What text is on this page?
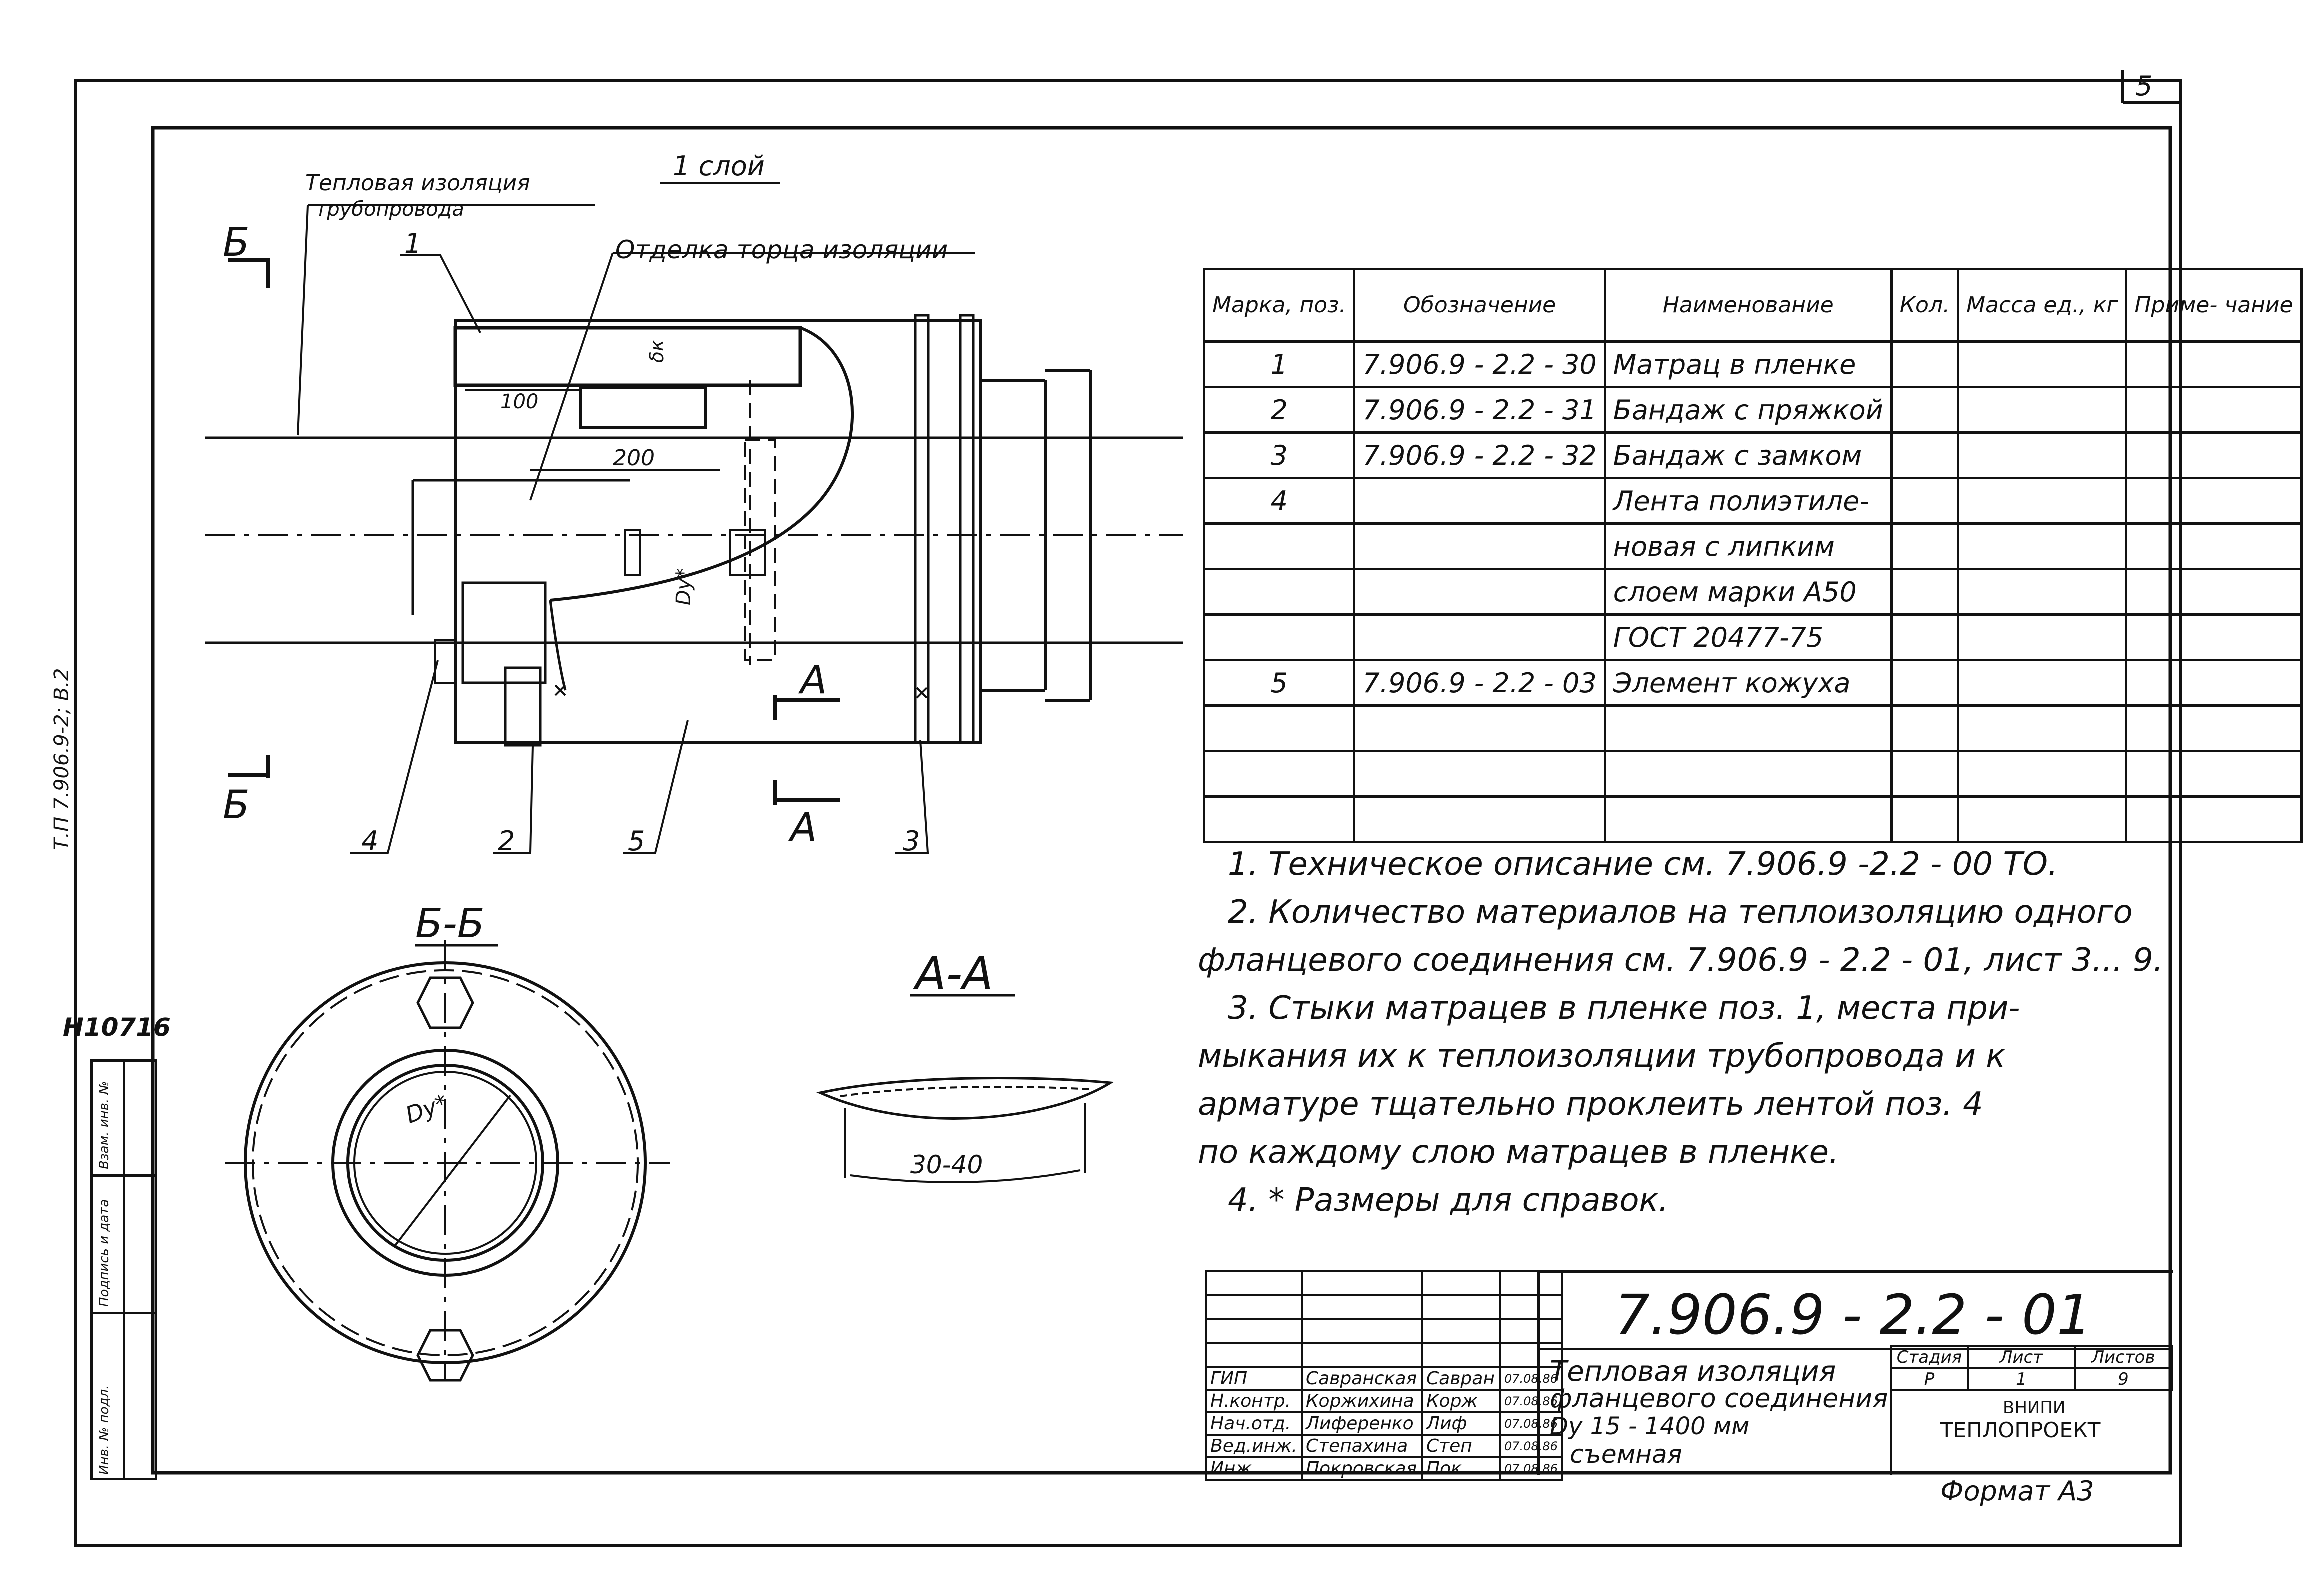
Тепловая изоляция
трубопровода
1 слой
Отделка торца изоляции
100
200
δк
Dу*
Б
Б
А
А
4	2	5	3
1
Б-Б
А-А
30-40
Dу*
5
Т.П 7.906.9-2; В.2
Н10716
Инв. № подл.
Подпись и дата
Взам. инв. №
Марка, поз.	Обозначение	Наименование	Кол.	Масса ед., кг	Приме- чание
1	7.906.9 - 2.2 - 30	Матрац в пленке			
2	7.906.9 - 2.2 - 31	Бандаж с пряжкой			
3	7.906.9 - 2.2 - 32	Бандаж с замком			
4		Лента полиэтиле-			
		новая с липким			
		слоем марки А50			
		ГОСТ 20477-75			
5	7.906.9 - 2.2 - 03	Элемент кожуха			

1. Техническое описание см. 7.906.9 -2.2 - 00 ТО.
2. Количество материалов на теплоизоляцию одного
фланцевого соединения см. 7.906.9 - 2.2 - 01, лист 3... 9.
3. Стыки матрацев в пленке поз. 1, места при-
мыкания их к теплоизоляции трубопровода и к
арматуре тщательно проклеить лентой поз. 4
по каждому слою матрацев в пленке.
4. * Размеры для справок.

ГИП	Савранская	Савран	07.08.86
Н.контр.	Коржихина	Корж	07.08.86
Нач.отд.	Лиференко	Лиф	07.08.86
Вед.инж.	Степахина	Степ	07.08.86
Инж.	Покровская	Пок	07.08.86
7.906.9 - 2.2 - 01
Тепловая изоляция
фланцевого соединения
Dу 15 - 1400 мм
съемная
Стадия	Лист	Листов
Р	1	9
ВНИПИ
ТЕПЛОПРОЕКТ
Формат А3
